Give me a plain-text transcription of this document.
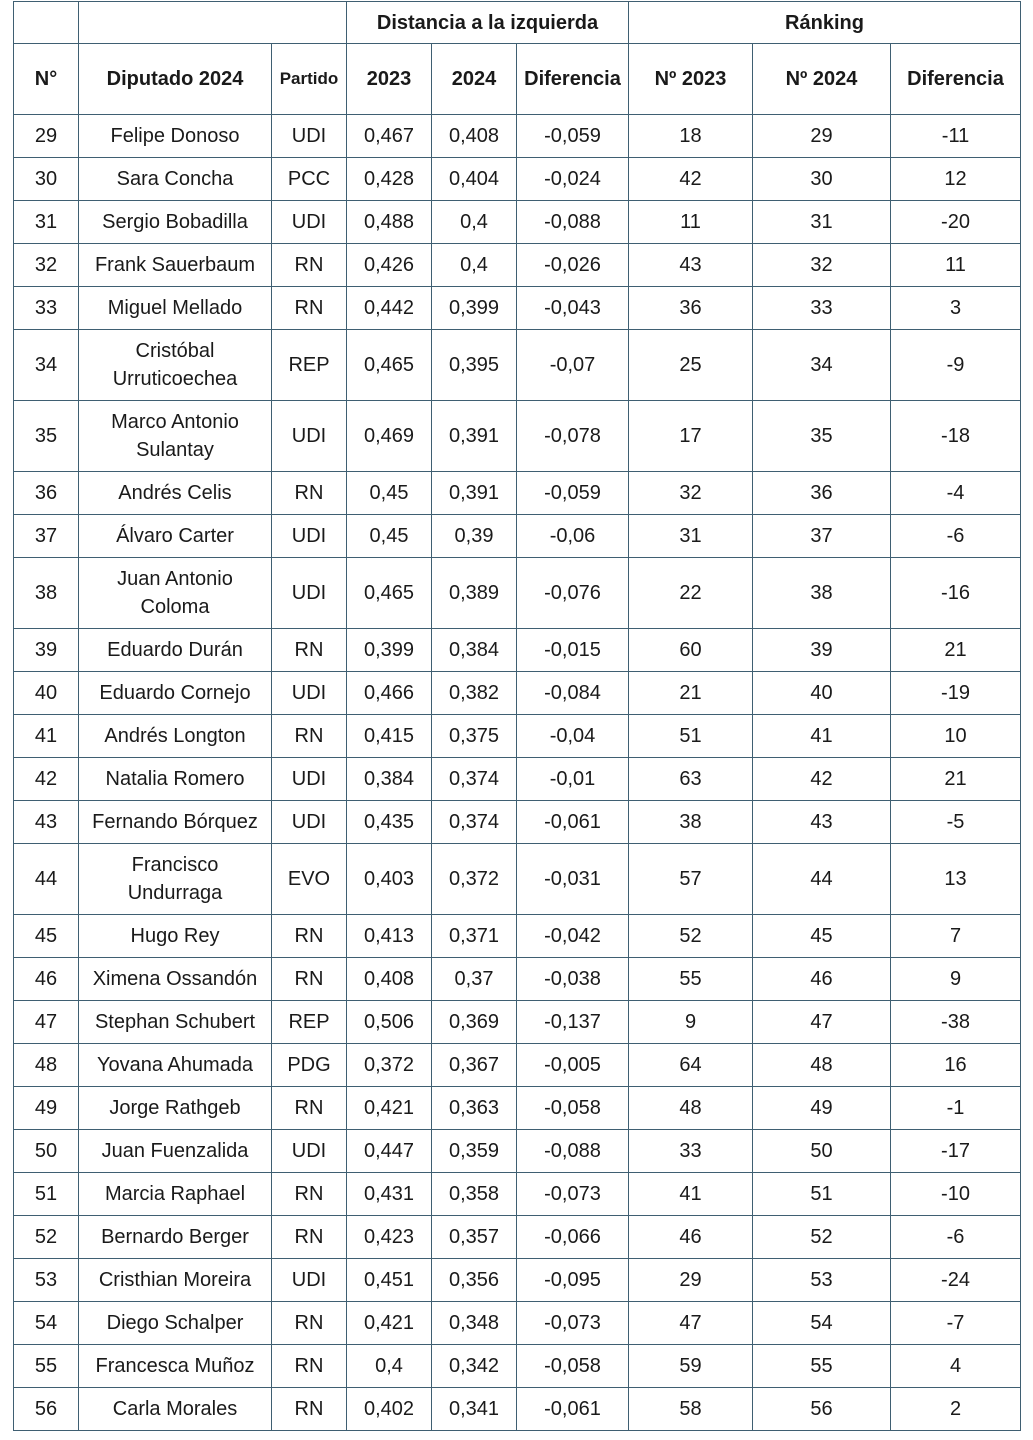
			Distancia a la izquierda			Ránking		
N°	Diputado 2024	Partido	2023	2024	Diferencia	Nº 2023	Nº 2024	Diferencia
29	Felipe Donoso	UDI	0,467	0,408	-0,059	18	29	-11
30	Sara Concha	PCC	0,428	0,404	-0,024	42	30	12
31	Sergio Bobadilla	UDI	0,488	0,4	-0,088	11	31	-20
32	Frank Sauerbaum	RN	0,426	0,4	-0,026	43	32	11
33	Miguel Mellado	RN	0,442	0,399	-0,043	36	33	3
34	Cristóbal Urruticoechea	REP	0,465	0,395	-0,07	25	34	-9
35	Marco Antonio Sulantay	UDI	0,469	0,391	-0,078	17	35	-18
36	Andrés Celis	RN	0,45	0,391	-0,059	32	36	-4
37	Álvaro Carter	UDI	0,45	0,39	-0,06	31	37	-6
38	Juan Antonio Coloma	UDI	0,465	0,389	-0,076	22	38	-16
39	Eduardo Durán	RN	0,399	0,384	-0,015	60	39	21
40	Eduardo Cornejo	UDI	0,466	0,382	-0,084	21	40	-19
41	Andrés Longton	RN	0,415	0,375	-0,04	51	41	10
42	Natalia Romero	UDI	0,384	0,374	-0,01	63	42	21
43	Fernando Bórquez	UDI	0,435	0,374	-0,061	38	43	-5
44	Francisco Undurraga	EVO	0,403	0,372	-0,031	57	44	13
45	Hugo Rey	RN	0,413	0,371	-0,042	52	45	7
46	Ximena Ossandón	RN	0,408	0,37	-0,038	55	46	9
47	Stephan Schubert	REP	0,506	0,369	-0,137	9	47	-38
48	Yovana Ahumada	PDG	0,372	0,367	-0,005	64	48	16
49	Jorge Rathgeb	RN	0,421	0,363	-0,058	48	49	-1
50	Juan Fuenzalida	UDI	0,447	0,359	-0,088	33	50	-17
51	Marcia Raphael	RN	0,431	0,358	-0,073	41	51	-10
52	Bernardo Berger	RN	0,423	0,357	-0,066	46	52	-6
53	Cristhian Moreira	UDI	0,451	0,356	-0,095	29	53	-24
54	Diego Schalper	RN	0,421	0,348	-0,073	47	54	-7
55	Francesca Muñoz	RN	0,4	0,342	-0,058	59	55	4
56	Carla Morales	RN	0,402	0,341	-0,061	58	56	2
